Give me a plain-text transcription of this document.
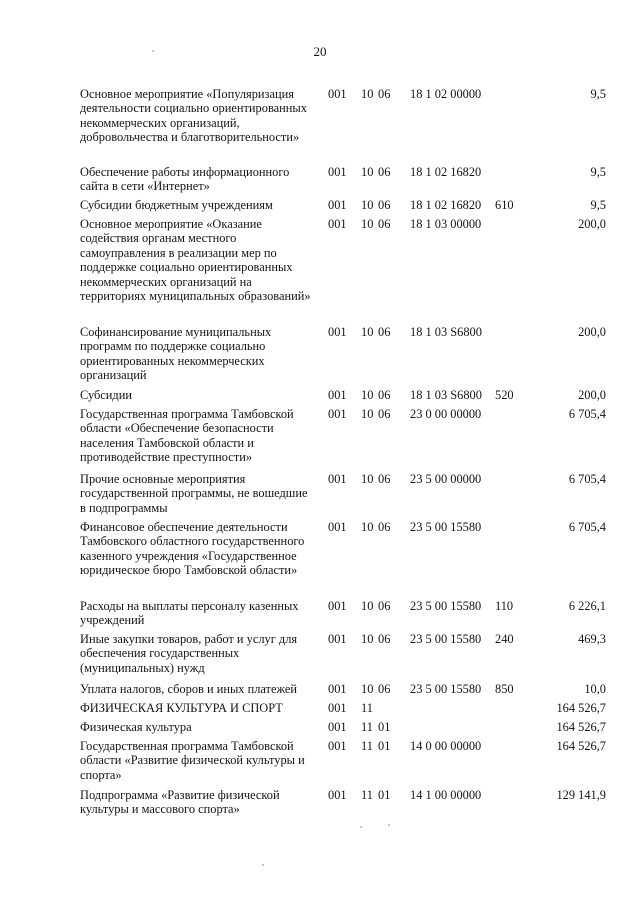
20
Основное мероприятие «Популяризация деятельности социально ориентированных некоммерческих организаций, добровольчества и благотворительности»
001 10 06 18 1 02 00000	9,5
Обеспечение работы информационного сайта в сети «Интернет»
001 10 06 18 1 02 16820	9,5
Субсидии бюджетным учреждениям	001 10 06 18 1 02 16820 610	9,5
Основное мероприятие «Оказание содействия органам местного самоуправления в реализации мер по поддержке социально ориентированных некоммерческих организаций на территориях муниципальных образований»
001 10 06 18 1 03 00000	200,0
Софинансирование муниципальных программ по поддержке социально ориентированных некоммерческих организаций
001 10 06 18 1 03 S6800	200,0
Субсидии	001 10 06 18 1 03 S6800 520	200,0
Государственная программа Тамбовской области «Обеспечение безопасности населения Тамбовской области и противодействие преступности»
001 10 06 23 0 00 00000	6 705,4
Прочие основные мероприятия государственной программы, не вошедшие в подпрограммы
001 10 06 23 5 00 00000	6 705,4
Финансовое обеспечение деятельности Тамбовского областного государственного казенного учреждения «Государственное юридическое бюро Тамбовской области»
001 10 06 23 5 00 15580	6 705,4
Расходы на выплаты персоналу казенных учреждений
001 10 06 23 5 00 15580 110	6 226,1
Иные закупки товаров, работ и услуг для обеспечения государственных (муниципальных) нужд
001 10 06 23 5 00 15580 240	469,3
Уплата налогов, сборов и иных платежей	001 10 06 23 5 00 15580 850	10,0
ФИЗИЧЕСКАЯ КУЛЬТУРА И СПОРТ	001 11	164 526,7
Физическая культура	001 11 01	164 526,7
Государственная программа Тамбовской области «Развитие физической культуры и спорта»
001 11 01 14 0 00 00000	164 526,7
Подпрограмма «Развитие физической культуры и массового спорта»
001 11 01 14 1 00 00000	129 141,9
